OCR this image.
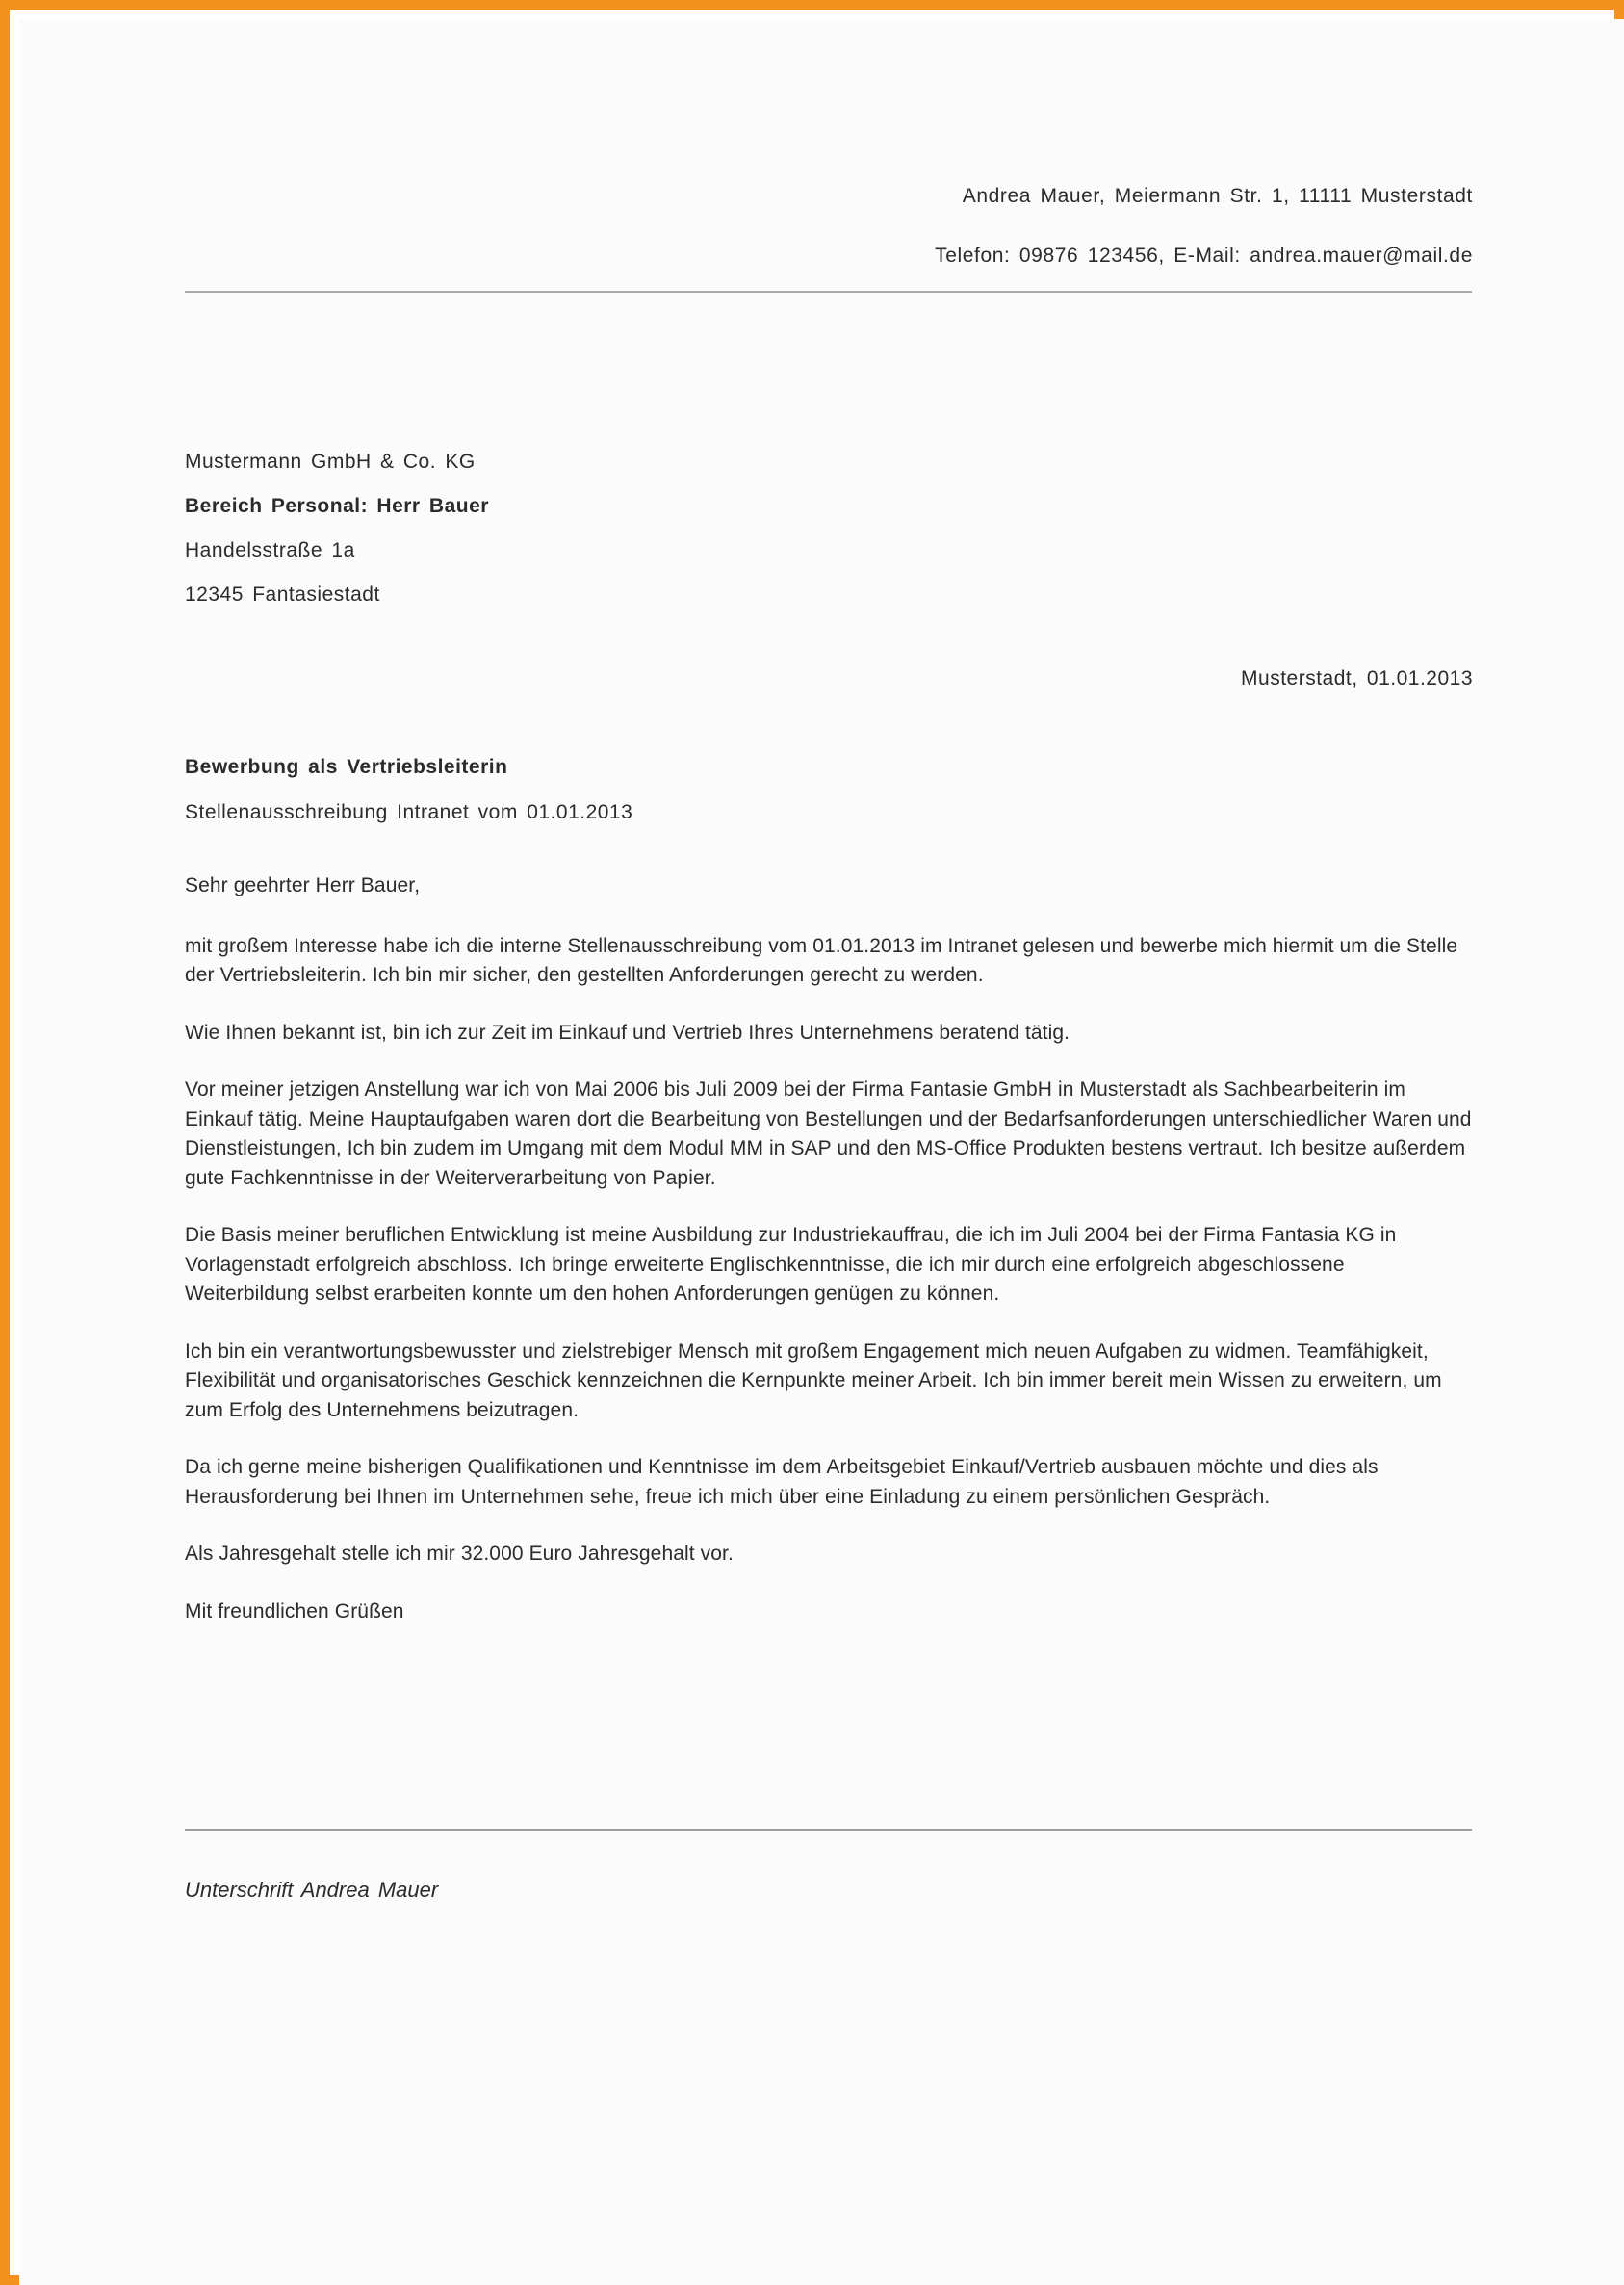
Andrea Mauer, Meiermann Str. 1, 11111 Musterstadt
Telefon: 09876 123456, E-Mail: andrea.mauer@mail.de
Mustermann GmbH & Co. KG
Bereich Personal: Herr Bauer
Handelsstraße 1a
12345 Fantasiestadt
Musterstadt, 01.01.2013
Bewerbung als Vertriebsleiterin
Stellenausschreibung Intranet vom 01.01.2013

Sehr geehrter Herr Bauer,

mit großem Interesse habe ich die interne Stellenausschreibung vom 01.01.2013 im Intranet gelesen und bewerbe mich hiermit um die Stelle der Vertriebsleiterin. Ich bin mir sicher, den gestellten Anforderungen gerecht zu werden.

Wie Ihnen bekannt ist, bin ich zur Zeit im Einkauf und Vertrieb Ihres Unternehmens beratend tätig.

Vor meiner jetzigen Anstellung war ich von Mai 2006 bis Juli 2009 bei der Firma Fantasie GmbH in Musterstadt als Sachbearbeiterin im Einkauf tätig. Meine Hauptaufgaben waren dort die Bearbeitung von Bestellungen und der Bedarfsanforderungen unterschiedlicher Waren und Dienstleistungen, Ich bin zudem im Umgang mit dem Modul MM in SAP und den MS-Office Produkten bestens vertraut. Ich besitze außerdem gute Fachkenntnisse in der Weiterverarbeitung von Papier.

Die Basis meiner beruflichen Entwicklung ist meine Ausbildung zur Industriekauffrau, die ich im Juli 2004 bei der Firma Fantasia KG in Vorlagenstadt erfolgreich abschloss. Ich bringe erweiterte Englischkenntnisse, die ich mir durch eine erfolgreich abgeschlossene Weiterbildung selbst erarbeiten konnte um den hohen Anforderungen genügen zu können.

Ich bin ein verantwortungsbewusster und zielstrebiger Mensch mit großem Engagement mich neuen Aufgaben zu widmen. Teamfähigkeit, Flexibilität und organisatorisches Geschick kennzeichnen die Kernpunkte meiner Arbeit. Ich bin immer bereit mein Wissen zu erweitern, um zum Erfolg des Unternehmens beizutragen.

Da ich gerne meine bisherigen Qualifikationen und Kenntnisse im dem Arbeitsgebiet Einkauf/Vertrieb ausbauen möchte und dies als Herausforderung bei Ihnen im Unternehmen sehe, freue ich mich über eine Einladung zu einem persönlichen Gespräch.

Als Jahresgehalt stelle ich mir 32.000 Euro Jahresgehalt vor.

Mit freundlichen Grüßen

Unterschrift Andrea Mauer
